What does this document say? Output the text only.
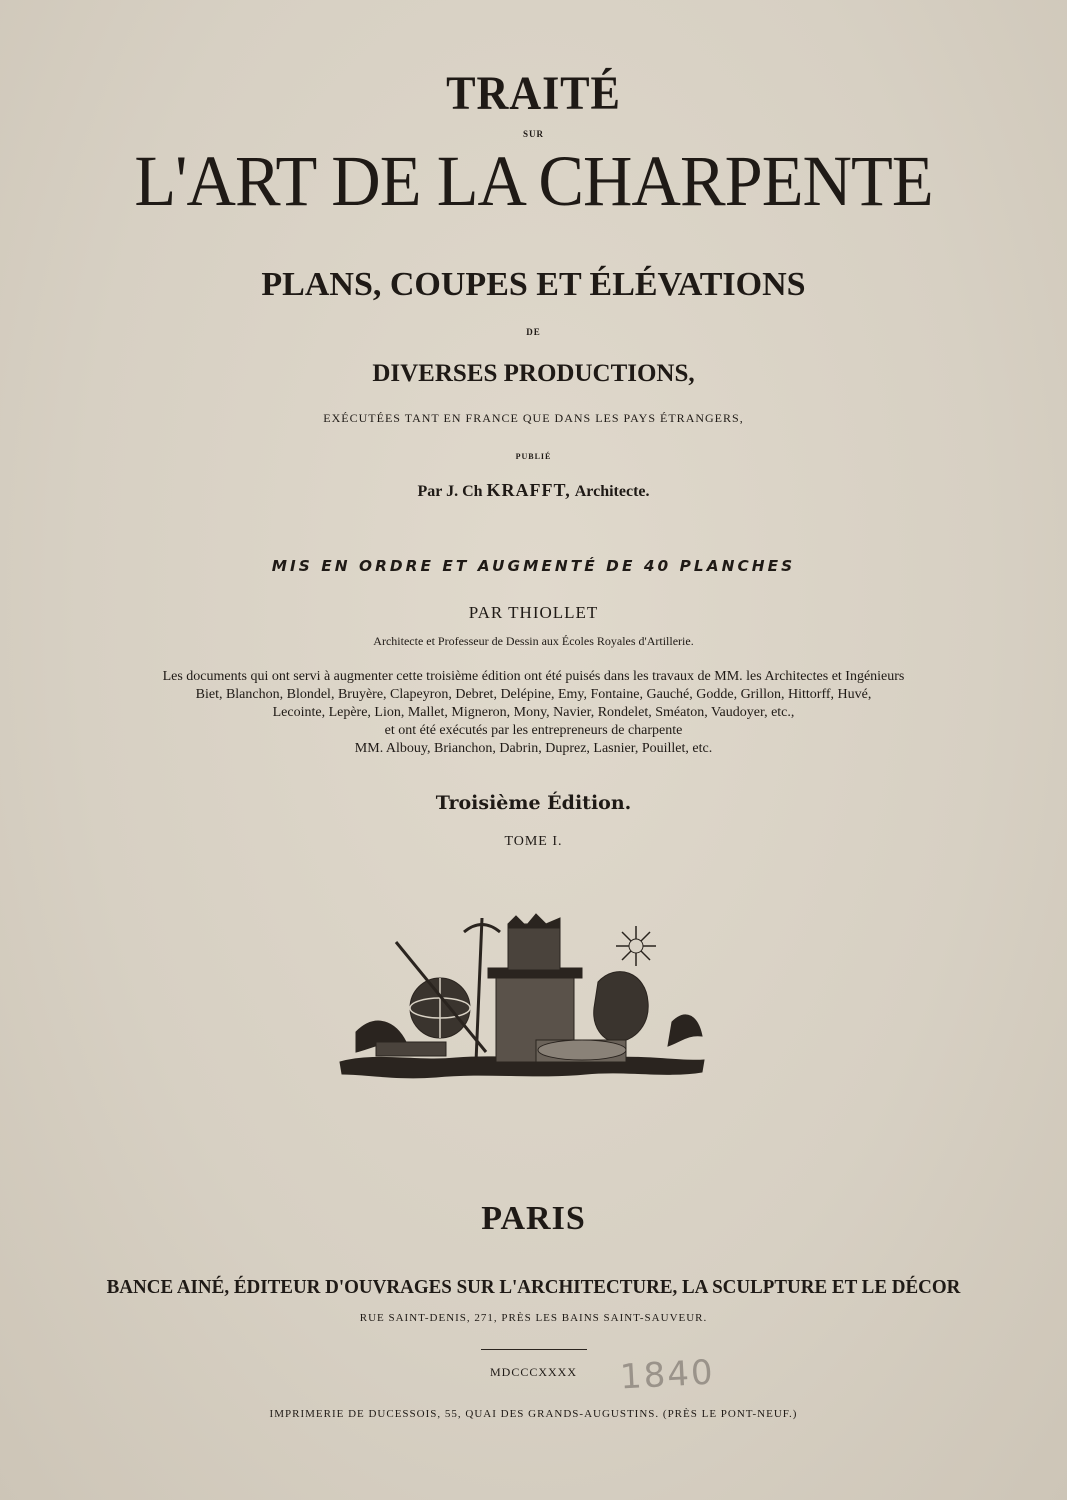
TRAITÉ
SUR
L'ART DE LA CHARPENTE
PLANS, COUPES ET ÉLÉVATIONS
DE
DIVERSES PRODUCTIONS,
EXÉCUTÉES TANT EN FRANCE QUE DANS LES PAYS ÉTRANGERS,
PUBLIÉ
Par J. Ch KRAFFT, Architecte.
MIS EN ORDRE ET AUGMENTÉ DE 40 PLANCHES
PAR THIOLLET
Architecte et Professeur de Dessin aux Écoles Royales d'Artillerie.
Les documents qui ont servi à augmenter cette troisième édition ont été puisés dans les travaux de MM. les Architectes et Ingénieurs
Biet, Blanchon, Blondel, Bruyère, Clapeyron, Debret, Delépine, Emy, Fontaine, Gauché, Godde, Grillon, Hittorff, Huvé,
Lecointe, Lepère, Lion, Mallet, Migneron, Mony, Navier, Rondelet, Sméaton, Vaudoyer, etc.,
et ont été exécutés par les entrepreneurs de charpente
MM. Albouy, Brianchon, Dabrin, Duprez, Lasnier, Pouillet, etc.
Troisième Édition.
TOME I.
PARIS
BANCE AINÉ, ÉDITEUR D'OUVRAGES SUR L'ARCHITECTURE, LA SCULPTURE ET LE DÉCOR
RUE SAINT-DENIS, 271, PRÈS LES BAINS SAINT-SAUVEUR.
MDCCCXXXX	1840
IMPRIMERIE DE DUCESSOIS, 55, QUAI DES GRANDS-AUGUSTINS. (PRÈS LE PONT-NEUF.)
